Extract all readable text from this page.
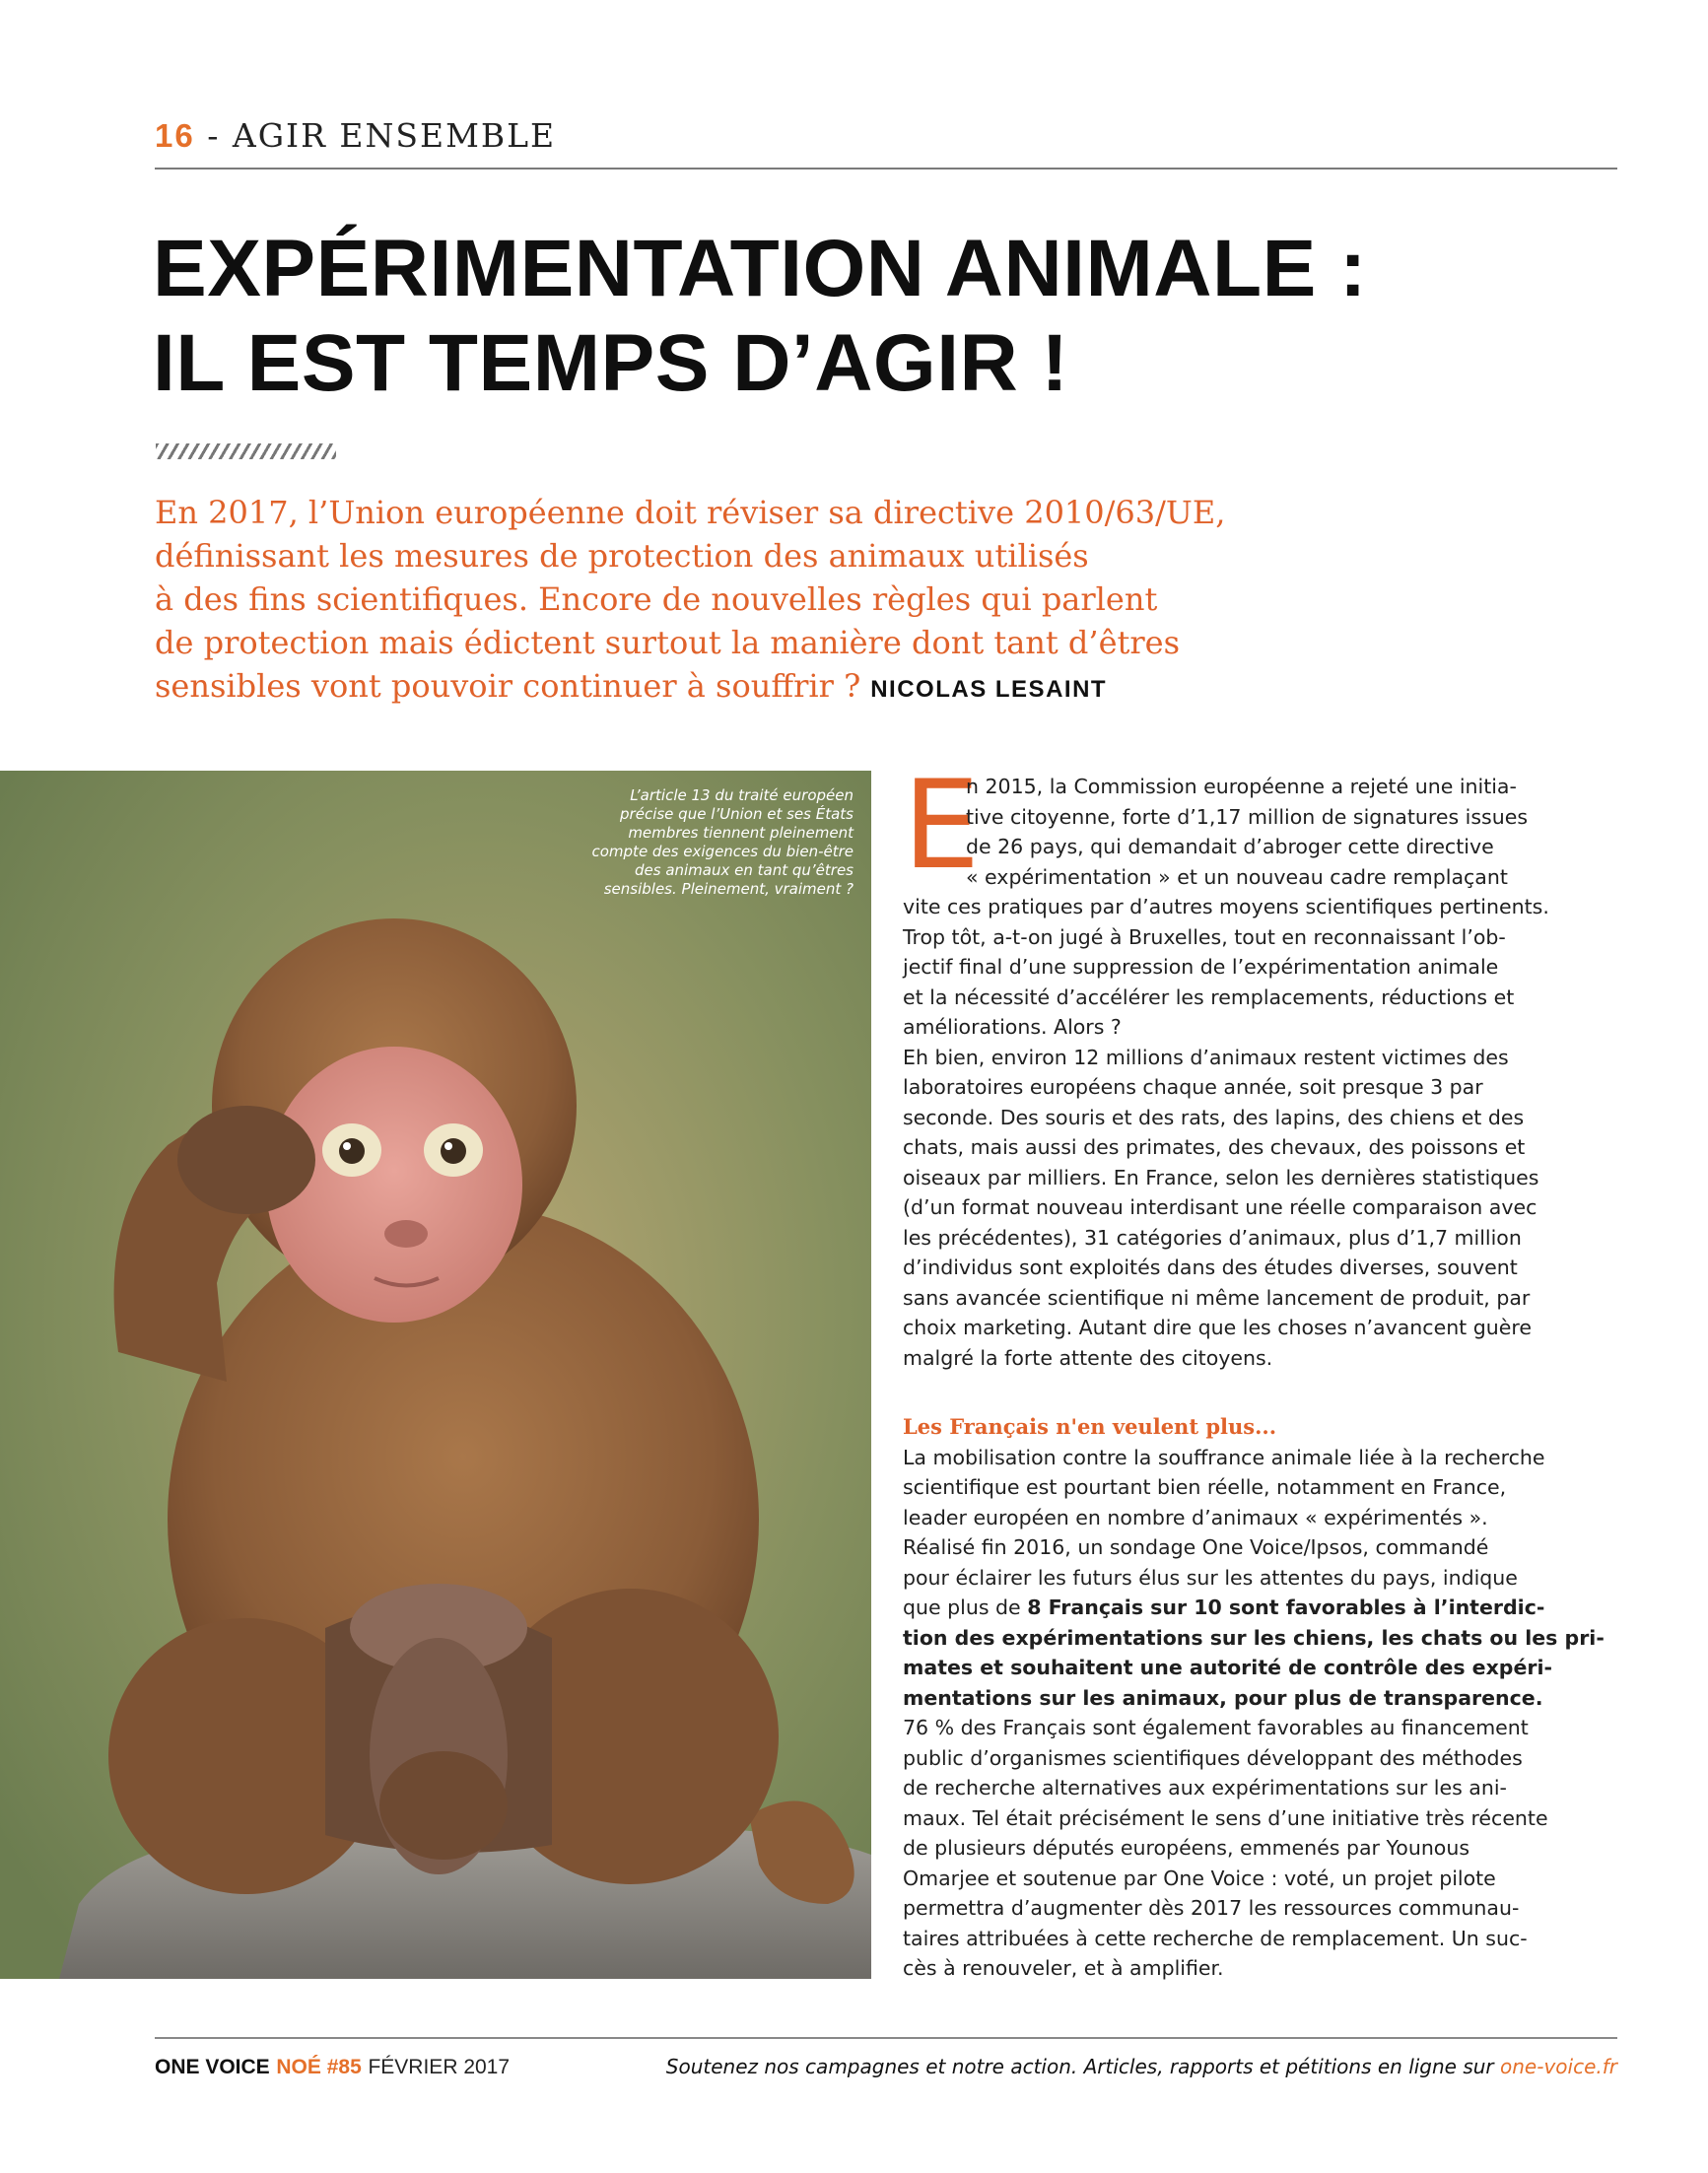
16 - AGIR ENSEMBLE
EXPÉRIMENTATION ANIMALE :
IL EST TEMPS D’AGIR !
En 2017, l’Union européenne doit réviser sa directive 2010/63/UE,
définissant les mesures de protection des animaux utilisés
à des fins scientifiques. Encore de nouvelles règles qui parlent
de protection mais édictent surtout la manière dont tant d’êtres
sensibles vont pouvoir continuer à souffrir ? NICOLAS LESAINT
L’article 13 du traité européen
précise que l’Union et ses États
membres tiennent pleinement
compte des exigences du bien-être
des animaux en tant qu’êtres
sensibles. Pleinement, vraiment ? E
n 2015, la Commission européenne a rejeté une initia-
tive citoyenne, forte d’1,17 million de signatures issues
de 26 pays, qui demandait d’abroger cette directive
« expérimentation » et un nouveau cadre remplaçant
vite ces pratiques par d’autres moyens scientifiques pertinents.
Trop tôt, a-t-on jugé à Bruxelles, tout en reconnaissant l’ob-
jectif final d’une suppression de l’expérimentation animale
et la nécessité d’accélérer les remplacements, réductions et
améliorations. Alors ?
Eh bien, environ 12 millions d’animaux restent victimes des
laboratoires européens chaque année, soit presque 3 par
seconde. Des souris et des rats, des lapins, des chiens et des
chats, mais aussi des primates, des chevaux, des poissons et
oiseaux par milliers. En France, selon les dernières statistiques
(d’un format nouveau interdisant une réelle comparaison avec
les précédentes), 31 catégories d’animaux, plus d’1,7 million
d’individus sont exploités dans des études diverses, souvent
sans avancée scientifique ni même lancement de produit, par
choix marketing. Autant dire que les choses n’avancent guère
malgré la forte attente des citoyens.
Les Français n'en veulent plus...
La mobilisation contre la souffrance animale liée à la recherche
scientifique est pourtant bien réelle, notamment en France,
leader européen en nombre d’animaux « expérimentés ».
Réalisé fin 2016, un sondage One Voice/Ipsos, commandé
pour éclairer les futurs élus sur les attentes du pays, indique
que plus de 8 Français sur 10 sont favorables à l’interdic-
tion des expérimentations sur les chiens, les chats ou les pri-
mates et souhaitent une autorité de contrôle des expéri-
mentations sur les animaux, pour plus de transparence.
76 % des Français sont également favorables au financement
public d’organismes scientifiques développant des méthodes
de recherche alternatives aux expérimentations sur les ani-
maux. Tel était précisément le sens d’une initiative très récente
de plusieurs députés européens, emmenés par Younous
Omarjee et soutenue par One Voice : voté, un projet pilote
permettra d’augmenter dès 2017 les ressources communau-
taires attribuées à cette recherche de remplacement. Un suc-
cès à renouveler, et à amplifier.
ONE VOICE NOÉ #85 FÉVRIER 2017	Soutenez nos campagnes et notre action. Articles, rapports et pétitions en ligne sur one-voice.fr
